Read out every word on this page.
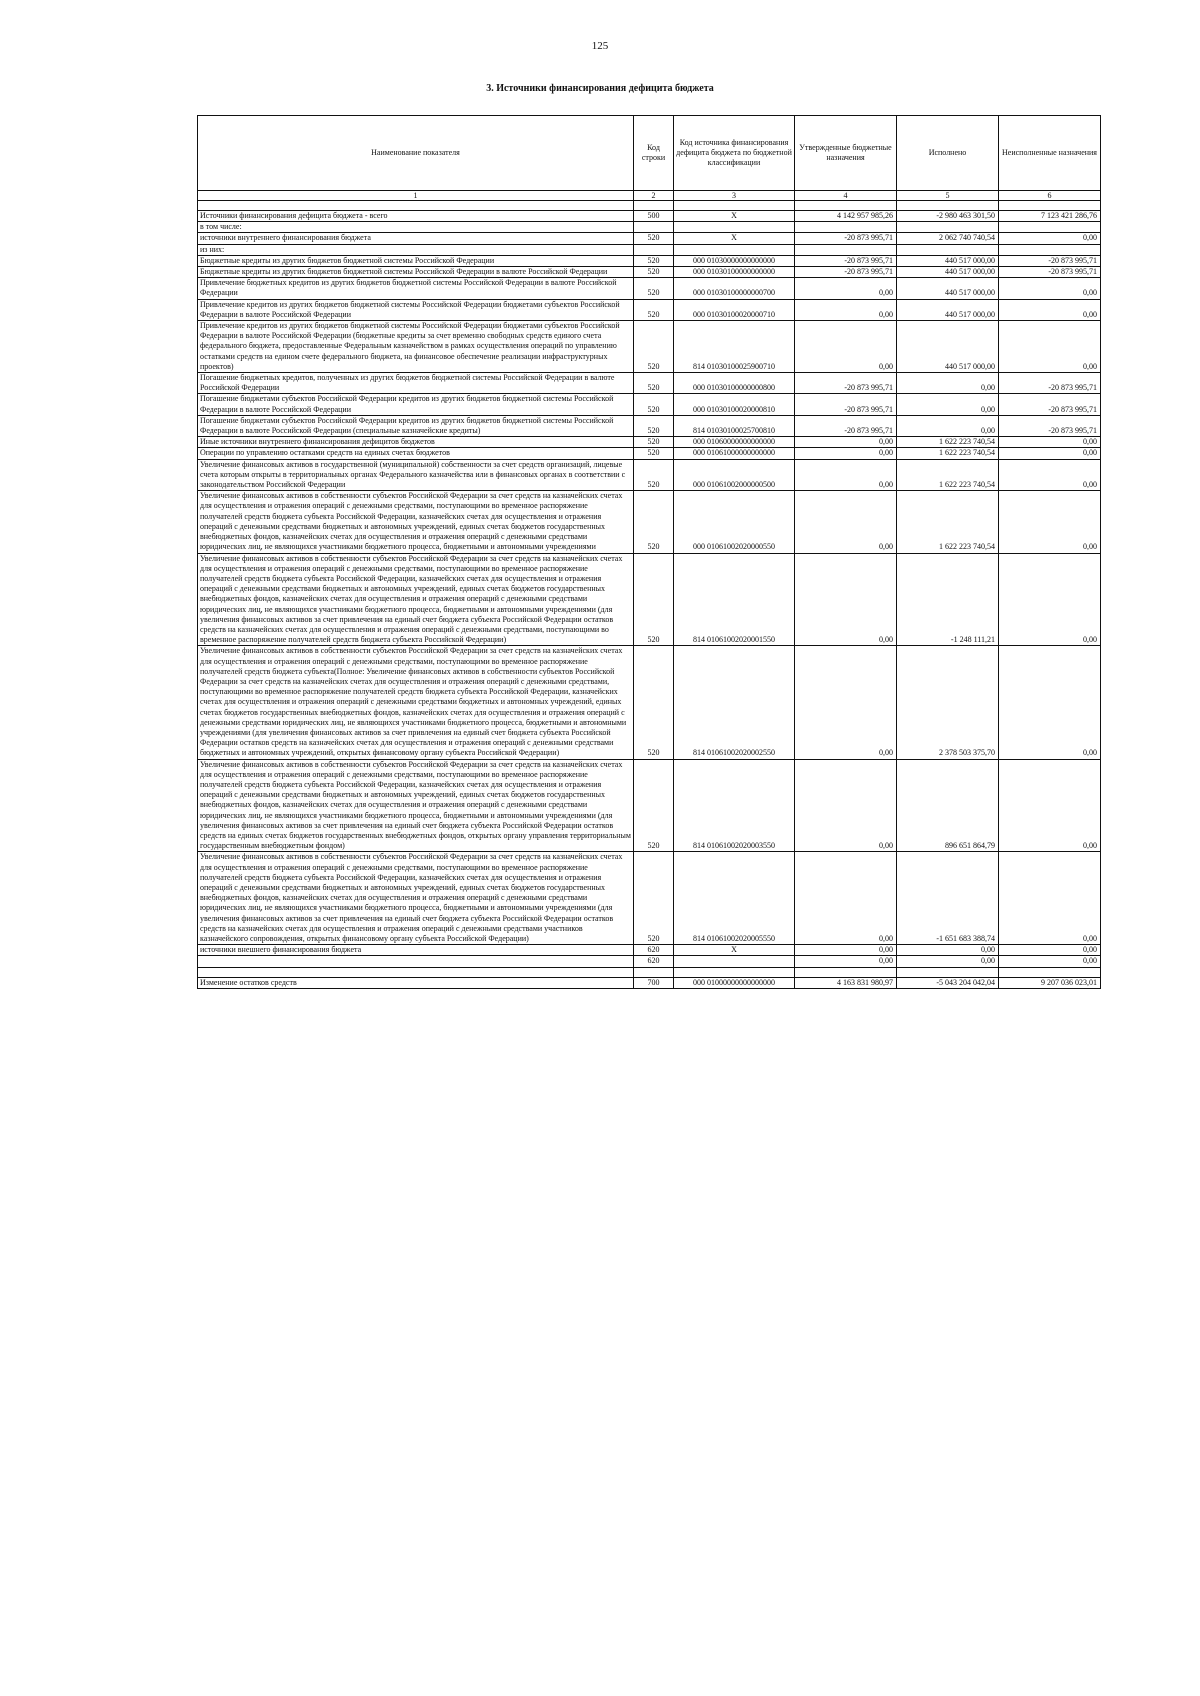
125
3. Источники финансирования дефицита бюджета
Наименование показателя	Код строки	Код источника финансирования дефицита бюджета по бюджетной классификации	Утвержденные бюджетные назначения	Исполнено	Неисполненные назначения
1	2	3	4	5	6

Источники финансирования дефицита бюджета - всего	500	X	4 142 957 985,26	-2 980 463 301,50	7 123 421 286,76
в том числе:					
источники внутреннего финансирования бюджета	520	X	-20 873 995,71	2 062 740 740,54	0,00
из них:					
Бюджетные кредиты из других бюджетов бюджетной системы Российской Федерации	520	000 01030000000000000	-20 873 995,71	440 517 000,00	-20 873 995,71
Бюджетные кредиты из других бюджетов бюджетной системы Российской Федерации в валюте Российской Федерации	520	000 01030100000000000	-20 873 995,71	440 517 000,00	-20 873 995,71
Привлечение бюджетных кредитов из других бюджетов бюджетной системы Российской Федерации в валюте Российской Федерации	520	000 01030100000000700	0,00	440 517 000,00	0,00
Привлечение кредитов из других бюджетов бюджетной системы Российской Федерации бюджетами субъектов Российской Федерации в валюте Российской Федерации	520	000 01030100020000710	0,00	440 517 000,00	0,00
Привлечение кредитов из других бюджетов бюджетной системы Российской Федерации бюджетами субъектов Российской Федерации в валюте Российской Федерации (бюджетные кредиты за счет временно свободных средств единого счета федерального бюджета, предоставленные Федеральным казначейством в рамках осуществления операций по управлению остатками средств на едином счете федерального бюджета, на финансовое обеспечение реализации инфраструктурных проектов)	520	814 01030100025900710	0,00	440 517 000,00	0,00
Погашение бюджетных кредитов, полученных из других бюджетов бюджетной системы Российской Федерации в валюте Российской Федерации	520	000 01030100000000800	-20 873 995,71	0,00	-20 873 995,71
Погашение бюджетами субъектов Российской Федерации кредитов из других бюджетов бюджетной системы Российской Федерации в валюте Российской Федерации	520	000 01030100020000810	-20 873 995,71	0,00	-20 873 995,71
Погашение бюджетами субъектов Российской Федерации кредитов из других бюджетов бюджетной системы Российской Федерации в валюте Российской Федерации (специальные казначейские кредиты)	520	814 01030100025700810	-20 873 995,71	0,00	-20 873 995,71
Иные источники внутреннего финансирования дефицитов бюджетов	520	000 01060000000000000	0,00	1 622 223 740,54	0,00
Операции по управлению остатками средств на единых счетах бюджетов	520	000 01061000000000000	0,00	1 622 223 740,54	0,00
Увеличение финансовых активов в государственной (муниципальной) собственности за счет средств организаций, лицевые счета которым открыты в территориальных органах Федерального казначейства или в финансовых органах в соответствии с законодательством Российской Федерации	520	000 01061002000000500	0,00	1 622 223 740,54	0,00
Увеличение финансовых активов в собственности субъектов Российской Федерации за счет средств на казначейских счетах для осуществления и отражения операций с денежными средствами, поступающими во временное распоряжение получателей средств бюджета субъекта Российской Федерации, казначейских счетах для осуществления и отражения операций с денежными средствами бюджетных и автономных учреждений, единых счетах бюджетов государственных внебюджетных фондов, казначейских счетах для осуществления и отражения операций с денежными средствами юридических лиц, не являющихся участниками бюджетного процесса, бюджетными и автономными учреждениями	520	000 01061002020000550	0,00	1 622 223 740,54	0,00
Увеличение финансовых активов в собственности субъектов Российской Федерации за счет средств на казначейских счетах для осуществления и отражения операций с денежными средствами, поступающими во временное распоряжение получателей средств бюджета субъекта Российской Федерации, казначейских счетах для осуществления и отражения операций с денежными средствами бюджетных и автономных учреждений, единых счетах бюджетов государственных внебюджетных фондов, казначейских счетах для осуществления и отражения операций с денежными средствами юридических лиц, не являющихся участниками бюджетного процесса, бюджетными и автономными учреждениями (для увеличения финансовых активов за счет привлечения на единый счет бюджета субъекта Российской Федерации остатков средств на казначейских счетах для осуществления и отражения операций с денежными средствами, поступающими во временное распоряжение получателей средств бюджета субъекта Российской Федерации)	520	814 01061002020001550	0,00	-1 248 111,21	0,00
Увеличение финансовых активов в собственности субъектов Российской Федерации за счет средств на казначейских счетах для осуществления и отражения операций с денежными средствами, поступающими во временное распоряжение получателей средств бюджета субъекта(Полное: Увеличение финансовых активов в собственности субъектов Российской Федерации за счет средств на казначейских счетах для осуществления и отражения операций с денежными средствами, поступающими во временное распоряжение получателей средств бюджета субъекта Российской Федерации, казначейских счетах для осуществления и отражения операций с денежными средствами бюджетных и автономных учреждений, единых счетах бюджетов государственных внебюджетных фондов, казначейских счетах для осуществления и отражения операций с денежными средствами юридических лиц, не являющихся участниками бюджетного процесса, бюджетными и автономными учреждениями (для увеличения финансовых активов за счет привлечения на единый счет бюджета субъекта Российской Федерации остатков средств на казначейских счетах для осуществления и отражения операций с денежными средствами бюджетных и автономных учреждений, открытых финансовому органу субъекта Российской Федерации)	520	814 01061002020002550	0,00	2 378 503 375,70	0,00
Увеличение финансовых активов в собственности субъектов Российской Федерации за счет средств на казначейских счетах для осуществления и отражения операций с денежными средствами, поступающими во временное распоряжение получателей средств бюджета субъекта Российской Федерации, казначейских счетах для осуществления и отражения операций с денежными средствами бюджетных и автономных учреждений, единых счетах бюджетов государственных внебюджетных фондов, казначейских счетах для осуществления и отражения операций с денежными средствами юридических лиц, не являющихся участниками бюджетного процесса, бюджетными и автономными учреждениями (для увеличения финансовых активов за счет привлечения на единый счет бюджета субъекта Российской Федерации остатков средств на единых счетах бюджетов государственных внебюджетных фондов, открытых органу управления территориальным государственным внебюджетным фондом)	520	814 01061002020003550	0,00	896 651 864,79	0,00
Увеличение финансовых активов в собственности субъектов Российской Федерации за счет средств на казначейских счетах для осуществления и отражения операций с денежными средствами, поступающими во временное распоряжение получателей средств бюджета субъекта Российской Федерации, казначейских счетах для осуществления и отражения операций с денежными средствами бюджетных и автономных учреждений, единых счетах бюджетов государственных внебюджетных фондов, казначейских счетах для осуществления и отражения операций с денежными средствами юридических лиц, не являющихся участниками бюджетного процесса, бюджетными и автономными учреждениями (для увеличения финансовых активов за счет привлечения на единый счет бюджета субъекта Российской Федерации остатков средств на казначейских счетах для осуществления и отражения операций с денежными средствами участников казначейского сопровождения, открытых финансовому органу субъекта Российской Федерации)	520	814 01061002020005550	0,00	-1 651 683 388,74	0,00
источники внешнего финансирования бюджета	620	X	0,00	0,00	0,00
	620		0,00	0,00	0,00

Изменение остатков средств	700	000 01000000000000000	4 163 831 980,97	-5 043 204 042,04	9 207 036 023,01
